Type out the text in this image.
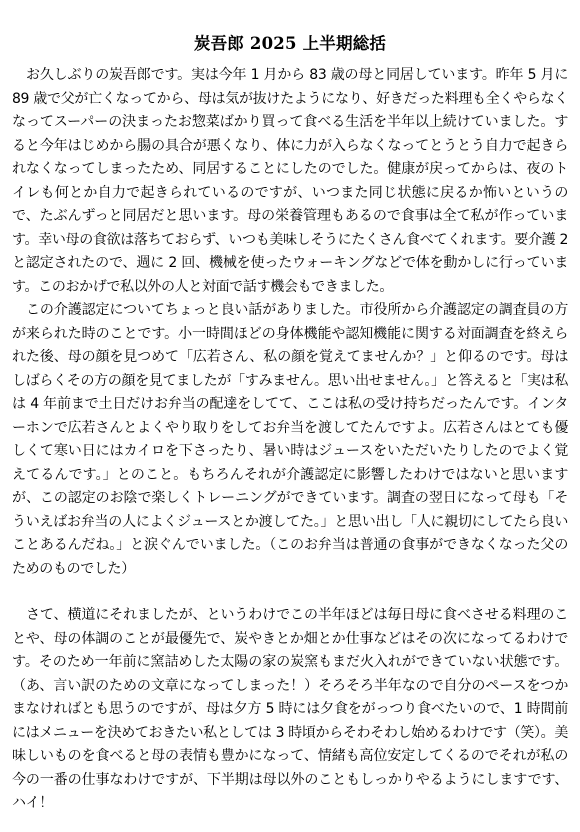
炭吾郎 2025 上半期総括

お久しぶりの炭吾郎です。実は今年 1 月から 83 歳の母と同居しています。昨年 5 月に 89 歳で父が亡くなってから、母は気が抜けたようになり、好きだった料理も全くやらなくなってスーパーの決まったお惣菜ばかり買って食べる生活を半年以上続けていました。すると今年はじめから腸の具合が悪くなり、体に力が入らなくなってとうとう自力で起きられなくなってしまったため、同居することにしたのでした。健康が戻ってからは、夜のトイレも何とか自力で起きられているのですが、いつまた同じ状態に戻るか怖いというので、たぶんずっと同居だと思います。母の栄養管理もあるので食事は全て私が作っています。幸い母の食欲は落ちておらず、いつも美味しそうにたくさん食べてくれます。要介護 2 と認定されたので、週に 2 回、機械を使ったウォーキングなどで体を動かしに行っています。このおかげで私以外の人と対面で話す機会もできました。

この介護認定についてちょっと良い話がありました。市役所から介護認定の調査員の方が来られた時のことです。小一時間ほどの身体機能や認知機能に関する対面調査を終えられた後、母の顔を見つめて「広若さん、私の顔を覚えてませんか？」と仰るのです。母はしばらくその方の顔を見てましたが「すみません。思い出せません。」と答えると「実は私は 4 年前まで土日だけお弁当の配達をしてて、ここは私の受け持ちだったんです。インターホンで広若さんとよくやり取りをしてお弁当を渡してたんですよ。広若さんはとても優しくて寒い日にはカイロを下さったり、暑い時はジュースをいただいたりしたのでよく覚えてるんです。」とのこと。もちろんそれが介護認定に影響したわけではないと思いますが、この認定のお陰で楽しくトレーニングができています。調査の翌日になって母も「そういえばお弁当の人によくジュースとか渡してた。」と思い出し「人に親切にしてたら良いことあるんだね。」と涙ぐんでいました。（このお弁当は普通の食事ができなくなった父のためのものでした）

さて、横道にそれましたが、というわけでこの半年ほどは毎日母に食べさせる料理のことや、母の体調のことが最優先で、炭やきとか畑とか仕事などはその次になってるわけです。そのため一年前に窯詰めした太陽の家の炭窯もまだ火入れができていない状態です。（あ、言い訳のための文章になってしまった！）そろそろ半年なので自分のペースをつかまなければとも思うのですが、母は夕方 5 時には夕食をがっつり食べたいので、1 時間前にはメニューを決めておきたい私としては 3 時頃からそわそわし始めるわけです（笑）。美味しいものを食べると母の表情も豊かになって、情緒も高位安定してくるのでそれが私の今の一番の仕事なわけですが、下半期は母以外のこともしっかりやるようにしますです、ハイ！
